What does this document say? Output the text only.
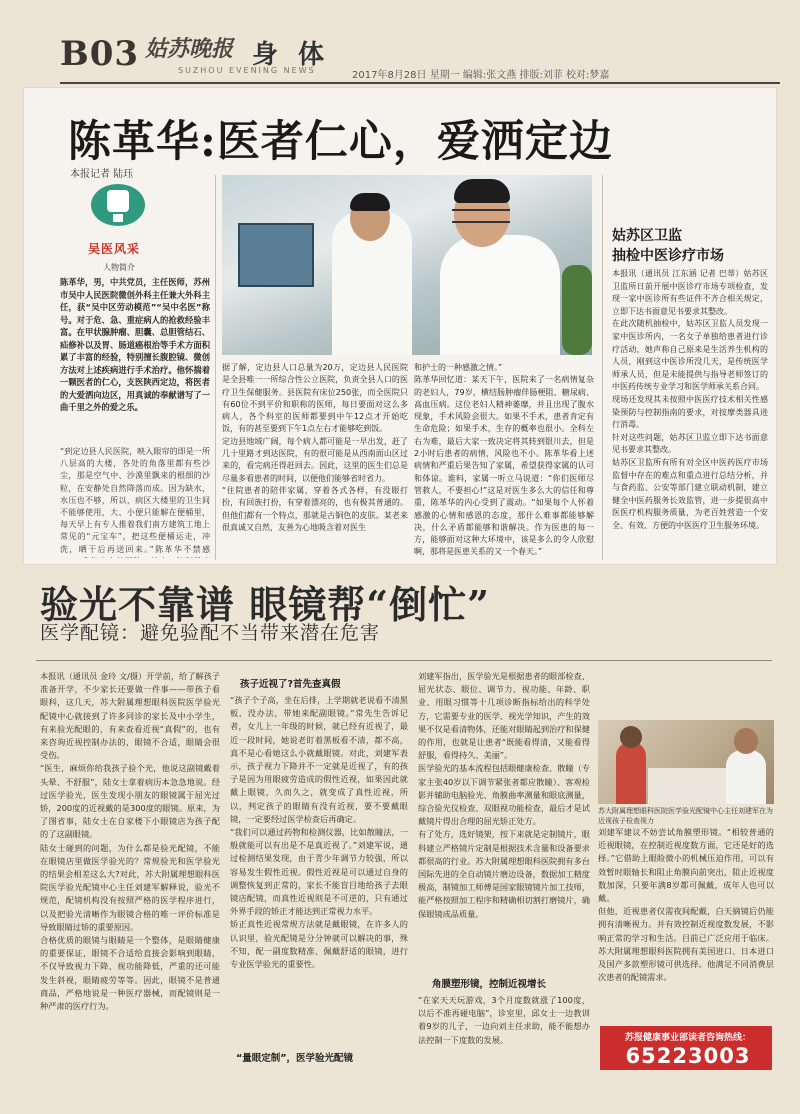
B03 姑苏晚报
SUZHOU EVENING NEWS
身体
2017年8月28日 星期一 编辑:张文燕 排版:刘菲 校对:梦嘉
陈革华:医者仁心，爱洒定边
本报记者 陆珏
吴医风采
人物简介
陈革华，男，中共党员，主任医师，苏州市吴中人民医院微创外科主任兼大外科主任，获“吴中区劳动模范”“吴中名医”称号。对于危、急、重症病人的抢救经验丰富。在甲状腺肿瘤、胆囊、总胆管结石、疝修补以及胃、肠道癌根治等手术方面积累了丰富的经验，特别擅长腹腔镜、微创方法对上述疾病进行手术治疗。他怀揣着一颗医者的仁心，支医陕西定边，将医者的大爱洒向边区，用真诚的奉献谱写了一曲千里之外的爱之乐。
“到定边县人民医院，映入眼帘的即是一所八层高的大楼，各处的角落里都有些沙尘，那是空气中、沙漠里飘来的根细的沙粒，在安静处自然降落而成。因为缺水，水压也不够，所以，病区大楼里的卫生间不能够使用，大、小便只能解在便桶里，每天早上有专人推着我们南方建筑工地上常见的“元宝车”，把这些便桶运走，冲洗，晒干后再送回来。”陈革华不禁感
据了解，定边县人口总量为20万，定边县人民医院是全县唯一一所综合性公立医院，负责全县人口的医疗卫生保健服务。县医院有床位250张，而全医院只有60位不到平价和职称的医师，每日要面对这么多病人，各个科室的医师都要到中午12点才开始吃饭，有的甚至要到下午1点左右才能够吃到饭。
定边县地域广阔，每个病人都可能是一早出发，赶了几十里路才到达医院，有的很可能是从西南面山区过来的，看完病还得赶回去。因此，这里的医生们总是尽量多看患者的时间，以便他们能够省时省力。
“住院患者的陪伴家属，穿着各式各样，有没眼打扮，有回族打扮，有穿着漂亮的，也有极其普通的。但他们都有一个特点，那就是古铜色的皮肤。某老来很真诚又自然，友善为心地吸含着对医生
和护士的一种感激之情。”
陈革华回忆道：某天下午，医院来了一名病情复杂的老妇人，79岁，横结肠肿瘤伴肠梗阻、糖尿病、高血压病。这位老妇人精神萎靡，并且出现了腹水现象，手术风险会很大。如果不手术，患者肯定有生命危险；如果手术，生存的概率也很小。全科左右为难，最后大家一致决定将其转到银川去，但是2小时后患者的病情，风险也不小。陈革华看上述病情和严重后果告知了家属，希望获得家属的认可和体谅。谁料，家属一听立马说道：“你们医师尽管救人，不要担心!”这是对医生多么大的信任和尊重，陈革华的内心受到了震动。“如果每个人怀着感激的心情和感恩的态度，那什么难事都能够解决，什么矛盾都能够和谐解决。作为医患的每一方，能够面对这种大环境中，该是多么的令人欣慰啊，那将是医患关系的又一个春天。”
姑苏区卫监
抽检中医诊疗市场
本报讯（通讯员 江东涵 记者 巴蒂）姑苏区卫监所日前开展中医诊疗市场专项检查，发现一家中医诊所有些证件不齐合相关规定，立即下达书面意见书要求其整改。
在此次随机抽检中，姑苏区卫监人员发现一家中医诊所内，一名女子单独给患者进行诊疗活动，她声称自己原来是生活养生机构的人员，刚到这中医诊所没几天，是传统医学师承人员，但是未能提供与指导老师签订的中医药传统专业学习和医学师承关系合同。
现场还发现其未按照中医医疗技术相关性感染预防与控制指南的要求，对按摩类器具进行消毒。
针对这些问题，姑苏区卫监立即下达书面意见书要求其整改。
姑苏区卫监所有所有对全区中医药医疗市场监督中存在的难点和重点进行总结分析，并与食药监、公安等部门建立联动机制，建立健全中医药服务长效监管，进一步提很高中医医疗机构服务质量，为老百姓营造一个安全、有效、方便的中医医疗卫生服务环境。
验光不靠谱 眼镜帮“倒忙”
医学配镜：避免验配不当带来潜在危害
本报讯（通讯员 金玲 文/摄）开学前，给了解孩子准备开学，不少家长还要做一件事——带孩子看眼科，这几天，苏大附属理想眼科医院医学验光配镜中心就接到了许多同诊的家长及中小学生，有来验光配眼的，有来查看近视“真假”的，也有来咨询近视控制办法的，眼镜不合适，眼睛会很受伤。
“医生，麻烦你给我孩子验个光，他说这副镜戴着头晕、不舒服”，陆女士拿着病历本急急地说。经过医学验光，医生发现小朋友的眼镜属于屈光过矫，200度的近视戴的是300度的眼镜。原来，为了图省事，陆女士在自家楼下小眼镜店为孩子配的了这副眼镜。
陆女士碰到的问题，为什么都是验光配镜，不能在眼镜店里做医学验光的？常规验光和医学验光的结果会相差这么大?对此，苏大附属理想眼科医院医学验光配镜中心主任刘建军解释说，验光不规范，配镜机构没有按照严格的医学程序进行，以及把验光清晰作为眼镜合格的唯一评价标准是导致眼睛过矫的重要原因。
合格优质的眼镜与眼睛是一个整体，是眼睛健康的重要保证，眼镜不合适给直接会影响到眼睛，不仅导致视力下降、视功能降低，严重的还可能发生斜视，眼睛疲劳等等。因此，眼镜不是普通商品，严格地说是一种医疗器械，而配镜则是一种严肃的医疗行为。
孩子近视了?首先查真假
“孩子个子高，坐在后排，上学期就老说看不清黑板，没办法，带她来配副眼镜。”常先生告诉记者，女儿上一年级的时候，就已经有近视了，最近一段时间，她说老盯着黑板看不清，都不高，真不是心看她这么小就戴眼镜。对此，刘建军表示，孩子视力下降并不一定就是近视了，有的孩子是因为用眼疲劳造成的假性近视，如果因此就戴上眼镜，久而久之，就变成了真性近视，所以，判定孩子的眼睛有没有近视，要不要戴眼镜，一定要经过医学检查后再确定。
“我们可以通过药物和检测仪器，比如散瞳法，一般就能可以有出是不是真近视了。”刘建军说，通过检测结果发现，由于青少年调节力较强，所以容易发生假性近视。假性近视是可以通过自身的调整恢复到正常的，家长不能盲目地给孩子去眼镜店配镜，而真性近视则是不可逆的，只有通过外界手段的矫正才能达到正常视力水平。
矫正真性近视常规方法就是戴眼镜，在许多人的认识里，验光配镜是分分钟就可以解决的事，殊不知，配一副度数精准、佩戴舒适的眼镜，进行专业医学验光的重要性。
“量眼定制”，医学验光配镜
刘建军指出，医学验光是根据患者的眼部检查、屈光状态、眼位、调节力、视功能、年龄、职业、用眼习惯等十几项诊断指标给出的科学处方，它需要专业的医学、视光学知识，产生的效果不仅是看清物体，还能对眼睛起到治疗和保健的作用，也就是让患者“既能看得清，又能看得舒服，看得持久、美丽”。
医学验光的基本流程包括眼健康检查、散瞳（专家主张40岁以下调节紧张者都应散瞳）、客观检影并辅助电脑验光、角膜曲率测量和眼底测量，综合验光仪检查、双眼视功能检查，最后才是试戴镜片得出合理的屈光矫正处方。
有了处方，选好镜架，按下来就是定制镜片，眼科建立严格镜片定制是根据技术含量和设备要求都很高的行业。苏大附属理想眼科医院拥有多台国际先进的全自动镜片磨边设备，数据加工精度极高，制镜加工师傅是国家眼镜镜片加工技师，能严格按照加工程序和精确相切割打磨镜片，确保眼镜成品质量。
角膜塑形镜，控制近视增长
“在家天天玩游戏，3个月度数就涨了100度，以后不准再碰电脑”，诊室里，邱女士一边教训着9岁的儿子，一边向刘主任求助，能不能想办法控制一下度数的发展。
苏大附属理想眼科医院医学验光配镜中心主任刘建军在为近视孩子检查视力
刘建军建议不妨尝试角膜塑形镜。“相较普通的近视眼镜，在控制近视度数方面，它还是好的选择。”它借助上眼睑微小的机械压迫作用，可以有效暂时眼轴长和阻止角膜向前突出，阻止近视度数加深，只要年满8岁都可佩戴，成年人也可以戴。
但他，近视患者仅需夜间配戴，白天摘镜后仍能拥有清晰视力。并有效控制近视度数发展，不影响正常的学习和生活。目前已广泛应用于临床。苏大附属理想眼科医院拥有美国进口、日本进口及国产多款塑形镜可供选择。他满足不同消费层次患者的配镜需求。
苏报健康事业部读者咨询热线：
65223003
